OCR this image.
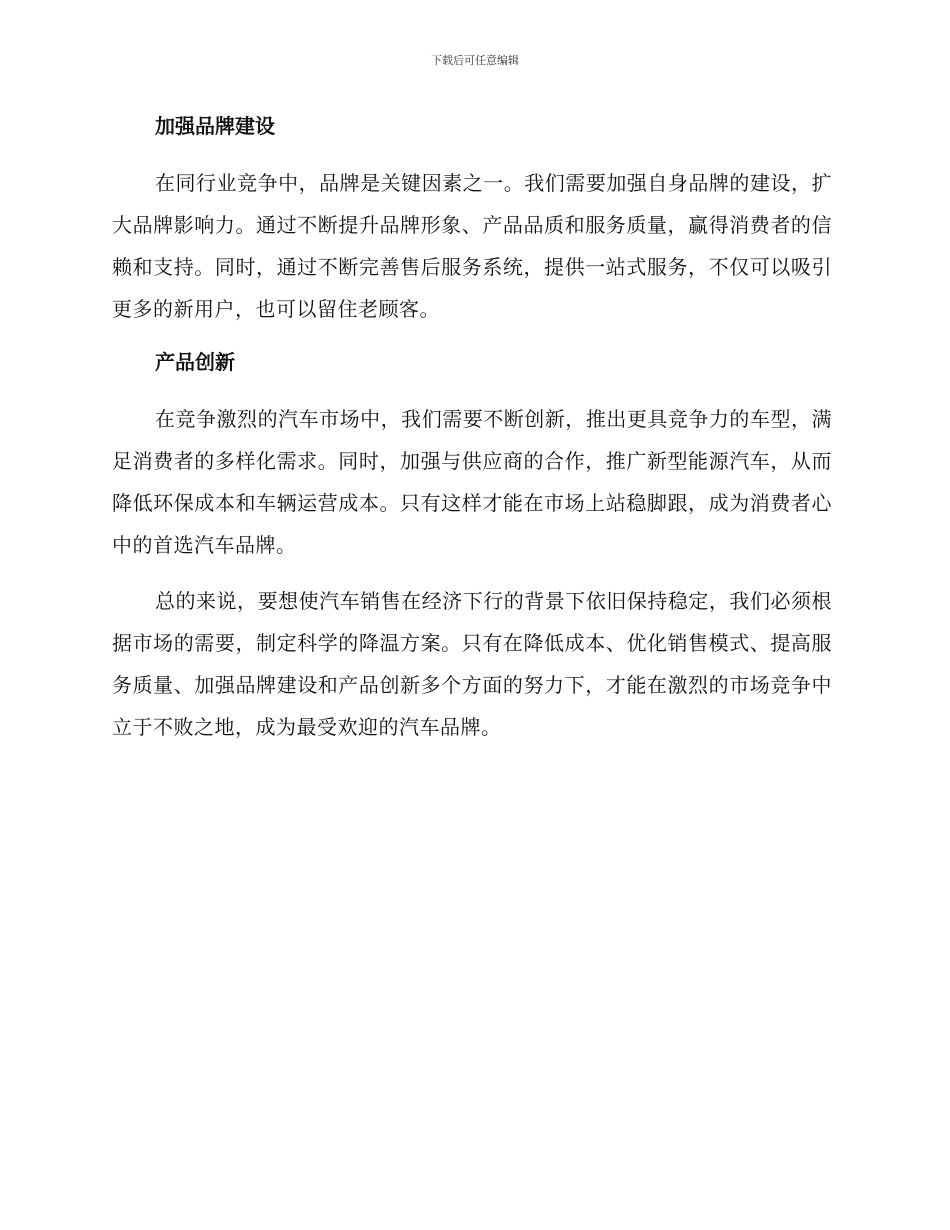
下载后可任意编辑
加强品牌建设

在同行业竞争中，品牌是关键因素之一。我们需要加强自身品牌的建设，扩大品牌影响力。通过不断提升品牌形象、产品品质和服务质量，赢得消费者的信赖和支持。同时，通过不断完善售后服务系统，提供一站式服务，不仅可以吸引更多的新用户，也可以留住老顾客。

产品创新

在竞争激烈的汽车市场中，我们需要不断创新，推出更具竞争力的车型，满足消费者的多样化需求。同时，加强与供应商的合作，推广新型能源汽车，从而降低环保成本和车辆运营成本。只有这样才能在市场上站稳脚跟，成为消费者心中的首选汽车品牌。

总的来说，要想使汽车销售在经济下行的背景下依旧保持稳定，我们必须根据市场的需要，制定科学的降温方案。只有在降低成本、优化销售模式、提高服务质量、加强品牌建设和产品创新多个方面的努力下，才能在激烈的市场竞争中立于不败之地，成为最受欢迎的汽车品牌。
